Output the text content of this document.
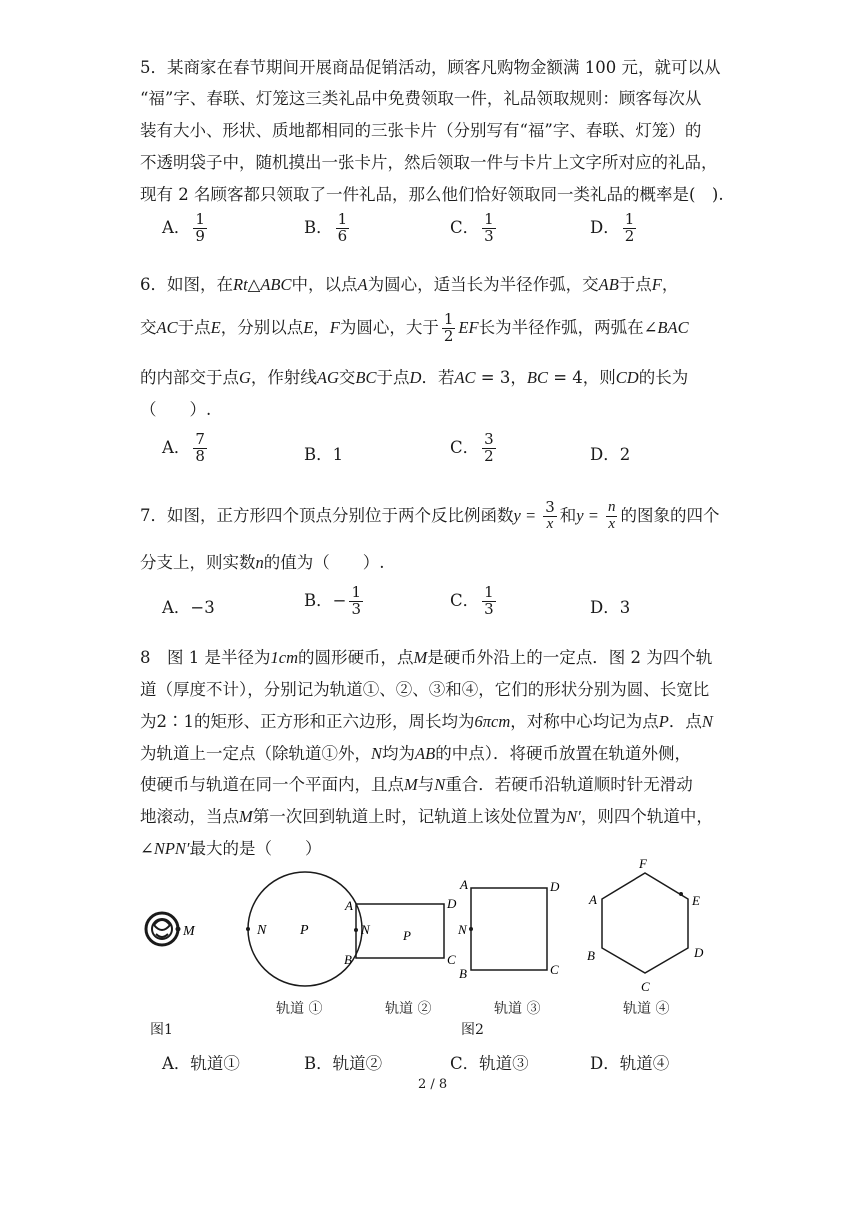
5．某商家在春节期间开展商品促销活动，顾客凡购物金额满 100 元，就可以从
“福”字、春联、灯笼这三类礼品中免费领取一件，礼品领取规则：顾客每次从
装有大小、形状、质地都相同的三张卡片（分别写有“福”字、春联、灯笼）的
不透明袋子中，随机摸出一张卡片，然后领取一件与卡片上文字所对应的礼品，
现有 2 名顾客都只领取了一件礼品，那么他们恰好领取同一类礼品的概率是(　).
A． $\frac{1}{9}$	B． $\frac{1}{6}$	C． $\frac{1}{3}$	D． $\frac{1}{2}$
6．如图，在Rt△ABC中，以点A为圆心，适当长为半径作弧，交AB于点F，
交AC于点E，分别以点E，F为圆心，大于 $\frac{1}{2}$ EF长为半径作弧，两弧在∠BAC
的内部交于点G，作射线AG交BC于点D．若AC = 3，BC = 4，则CD的长为
（　　）.
A． $\frac{7}{8}$	B．1	C． $\frac{3}{2}$	D．2
7．如图，正方形四个顶点分别位于两个反比例函数$y = \frac{3}{x}$ 和$y = \frac{n}{x}$ 的图象的四个
分支上，则实数n的值为（　　）.
A．−3	B．− $\frac{1}{3}$	C． $\frac{1}{3}$	D．3
8　图 1 是半径为1cm的圆形硬币，点M是硬币外沿上的一定点．图 2 为四个轨
道（厚度不计），分别记为轨道①、②、③和④，它们的形状分别为圆、长宽比
为2∶1的矩形、正方形和正六边形，周长均为6πcm，对称中心均记为点P．点N
为轨道上一定点（除轨道①外，N均为AB的中点）．将硬币放置在轨道外侧，
使硬币与轨道在同一个平面内，且点M与N重合．若硬币沿轨道顺时针无滑动
地滚动，当点M第一次回到轨道上时，记轨道上该处位置为N′，则四个轨道中，
∠NPN′最大的是（　　）
M	N P
A
B	C
D
N	P
A
B	C
D
N
F
E
D
C
B
A
轨道 ①	轨道 ②	轨道 ③	轨道 ④
图1	图2
A．轨道①	B．轨道②	C．轨道③	D．轨道④
2 / 8
